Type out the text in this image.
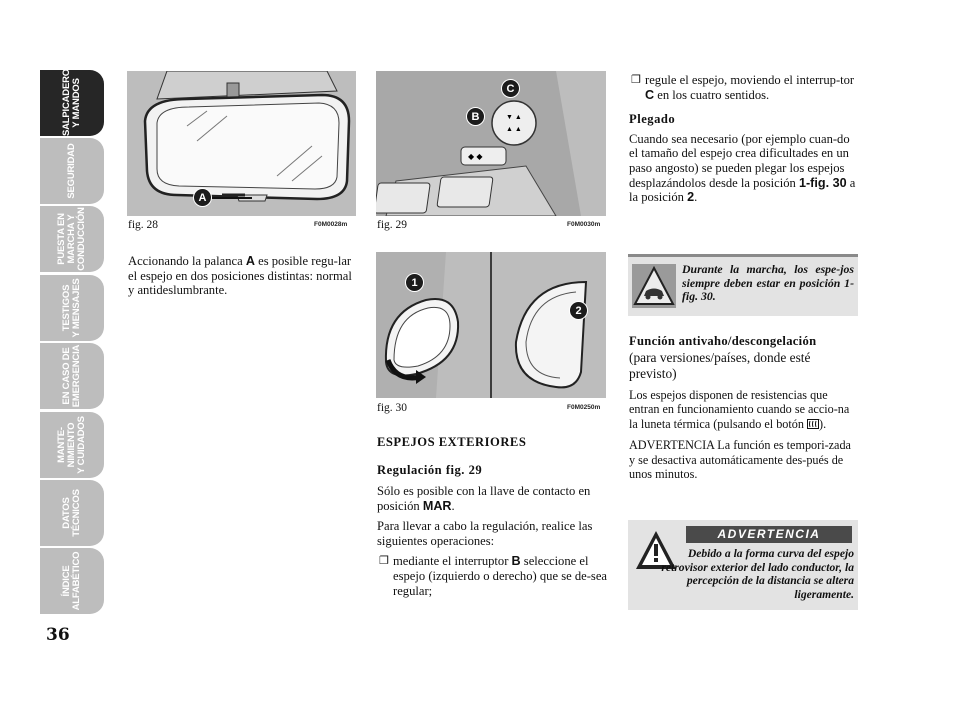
SALPICADERO
Y MANDOS
SEGURIDAD
PUESTA EN
MARCHA Y
CONDUCCIÓN
TESTIGOS
Y MENSAJES
EN CASO DE
EMERGENCIA
MANTE-
NIMIENTO
Y CUIDADOS
DATOS
TÉCNICOS
ÍNDICE
ALFABÉTICO
36
A
fig. 28	F0M0028m

Accionando la palanca A es posible regu-lar el espejo en dos posiciones distintas: normal y antideslumbrante.

▼ ▲
▲ ▲
◆ ◆
B
C
fig. 29	F0M0030m
1
2
fig. 30	F0M0250m
ESPEJOS EXTERIORES
Regulación fig. 29

Sólo es posible con la llave de contacto en posición MAR.

Para llevar a cabo la regulación, realice las siguientes operaciones:

❐ mediante el interruptor B seleccione el espejo (izquierdo o derecho) que se de-sea regular;

❐ regule el espejo, moviendo el interrup-tor C en los cuatro sentidos.

Plegado

Cuando sea necesario (por ejemplo cuan-do el tamaño del espejo crea dificultades en un paso angosto) se pueden plegar los espejos desplazándolos desde la posición 1-fig. 30 a la posición 2.

Durante la marcha, los espe-jos siempre deben estar en posición 1-fig. 30.
Función antivaho/descongelación
(para versiones/países, donde esté previsto)

Los espejos disponen de resistencias que entran en funcionamiento cuando se accio-na la luneta térmica (pulsando el botón ).

ADVERTENCIA La función es tempori-zada y se desactiva automáticamente des-pués de unos minutos.

ADVERTENCIA
Debido a la forma curva del espejo retrovisor exterior del lado conductor, la percepción de la distancia se altera ligeramente.
